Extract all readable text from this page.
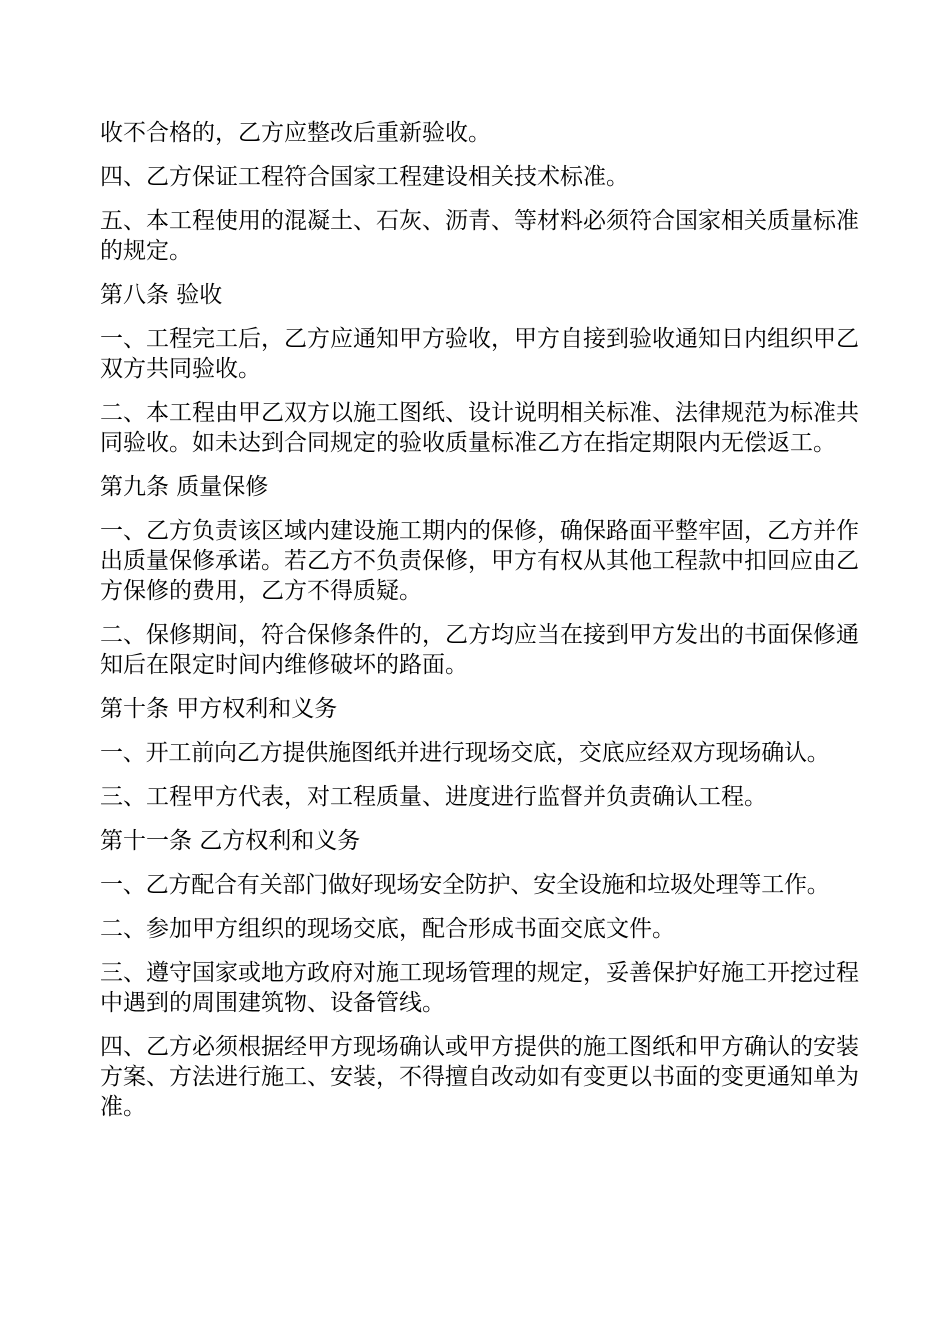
收不合格的，乙方应整改后重新验收。

四、乙方保证工程符合国家工程建设相关技术标准。

五、本工程使用的混凝土、石灰、沥青、等材料必须符合国家相关质量标准的规定。

第八条 验收

一、工程完工后，乙方应通知甲方验收，甲方自接到验收通知日内组织甲乙双方共同验收。

二、本工程由甲乙双方以施工图纸、设计说明相关标准、法律规范为标准共同验收。如未达到合同规定的验收质量标准乙方在指定期限内无偿返工。

第九条 质量保修

一、乙方负责该区域内建设施工期内的保修，确保路面平整牢固，乙方并作出质量保修承诺。若乙方不负责保修，甲方有权从其他工程款中扣回应由乙方保修的费用，乙方不得质疑。

二、保修期间，符合保修条件的，乙方均应当在接到甲方发出的书面保修通知后在限定时间内维修破坏的路面。

第十条 甲方权利和义务

一、开工前向乙方提供施图纸并进行现场交底，交底应经双方现场确认。

三、工程甲方代表，对工程质量、进度进行监督并负责确认工程。

第十一条 乙方权利和义务

一、乙方配合有关部门做好现场安全防护、安全设施和垃圾处理等工作。

二、参加甲方组织的现场交底，配合形成书面交底文件。

三、遵守国家或地方政府对施工现场管理的规定，妥善保护好施工开挖过程中遇到的周围建筑物、设备管线。

四、乙方必须根据经甲方现场确认或甲方提供的施工图纸和甲方确认的安装方案、方法进行施工、安装，不得擅自改动如有变更以书面的变更通知单为准。
